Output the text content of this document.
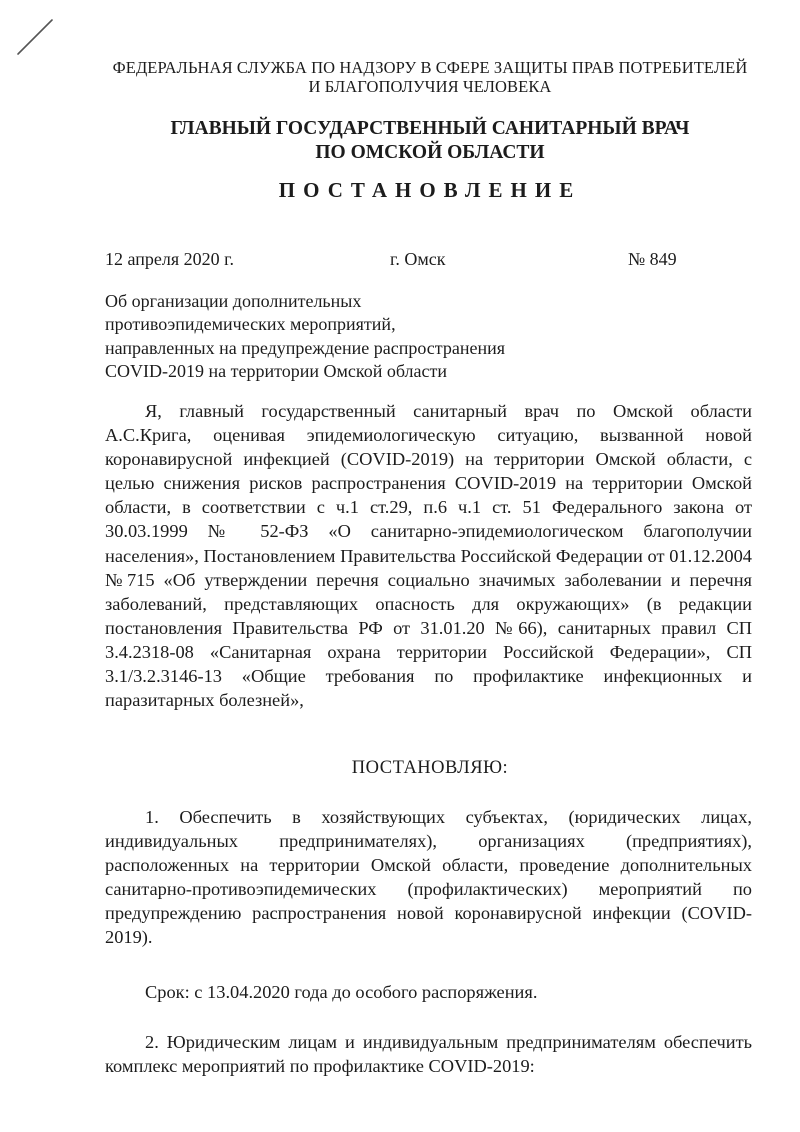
ФЕДЕРАЛЬНАЯ СЛУЖБА ПО НАДЗОРУ В СФЕРЕ ЗАЩИТЫ ПРАВ ПОТРЕБИТЕЛЕЙ
И БЛАГОПОЛУЧИЯ ЧЕЛОВЕКА
ГЛАВНЫЙ ГОСУДАРСТВЕННЫЙ САНИТАРНЫЙ ВРАЧ
ПО ОМСКОЙ ОБЛАСТИ
ПОСТАНОВЛЕНИЕ
12 апреля 2020 г.	г. Омск	№ 849
Об организации дополнительных
противоэпидемических мероприятий,
направленных на предупреждение распространения
COVID-2019 на территории Омской области

Я, главный государственный санитарный врач по Омской области А.С.Крига, оценивая эпидемиологическую ситуацию, вызванной новой коронавирусной инфекцией (COVID-2019) на территории Омской области, с целью снижения рисков распространения COVID-2019 на территории Омской области, в соответствии с ч.1 ст.29, п.6 ч.1 ст. 51 Федерального закона от 30.03.1999 № 52-ФЗ «О санитарно-эпидемиологическом благополучии населения», Постановлением Правительства Российской Федерации от 01.12.2004 №715 «Об утверждении перечня социально значимых заболевании и перечня заболеваний, представляющих опасность для окружающих» (в редакции постановления Правительства РФ от 31.01.20 №66), санитарных правил СП 3.4.2318-08 «Санитарная охрана территории Российской Федерации», СП 3.1/3.2.3146-13 «Общие требования по профилактике инфекционных и паразитарных болезней»,

ПОСТАНОВЛЯЮ:

1. Обеспечить в хозяйствующих субъектах, (юридических лицах, индивидуальных предпринимателях), организациях (предприятиях), расположенных на территории Омской области, проведение дополнительных санитарно-противоэпидемических (профилактических) мероприятий по предупреждению распространения новой коронавирусной инфекции (COVID-2019).

Срок: с 13.04.2020 года до особого распоряжения.

2. Юридическим лицам и индивидуальным предпринимателям обеспечить комплекс мероприятий по профилактике COVID-2019:
